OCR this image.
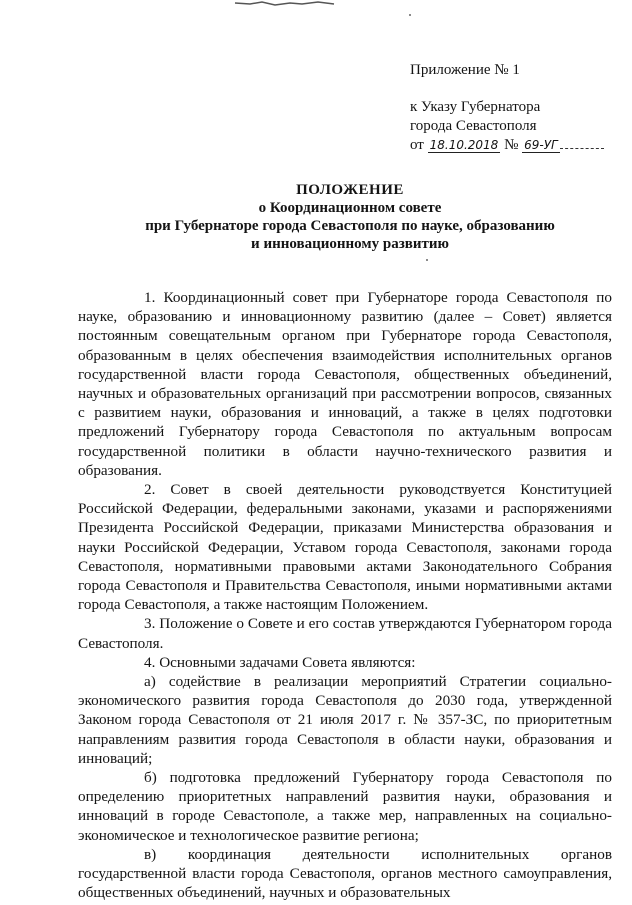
Приложение № 1
к Указу Губернатора
города Севастополя
от 18.10.2018 № 69-УГ
ПОЛОЖЕНИЕ
о Координационном совете
при Губернаторе города Севастополя по науке, образованию
и инновационному развитию

1. Координационный совет при Губернаторе города Севастополя по науке, образованию и инновационному развитию (далее – Совет) является постоянным совещательным органом при Губернаторе города Севастополя, образованным в целях обеспечения взаимодействия исполнительных органов государственной власти города Севастополя, общественных объединений, научных и образовательных организаций при рассмотрении вопросов, связанных с развитием науки, образования и инноваций, а также в целях подготовки предложений Губернатору города Севастополя по актуальным вопросам государственной политики в области научно-технического развития и образования.

2. Совет в своей деятельности руководствуется Конституцией Российской Федерации, федеральными законами, указами и распоряжениями Президента Российской Федерации, приказами Министерства образования и науки Российской Федерации, Уставом города Севастополя, законами города Севастополя, нормативными правовыми актами Законодательного Собрания города Севастополя и Правительства Севастополя, иными нормативными актами города Севастополя, а также настоящим Положением.

3. Положение о Совете и его состав утверждаются Губернатором города Севастополя.

4. Основными задачами Совета являются:

а) содействие в реализации мероприятий Стратегии социально-экономического развития города Севастополя до 2030 года, утвержденной Законом города Севастополя от 21 июля 2017 г. № 357-ЗС, по приоритетным направлениям развития города Севастополя в области науки, образования и инноваций;

б) подготовка предложений Губернатору города Севастополя по определению приоритетных направлений развития науки, образования и инноваций в городе Севастополе, а также мер, направленных на социально-экономическое и технологическое развитие региона;

в) координация деятельности исполнительных органов государственной власти города Севастополя, органов местного самоуправления, общественных объединений, научных и образовательных
